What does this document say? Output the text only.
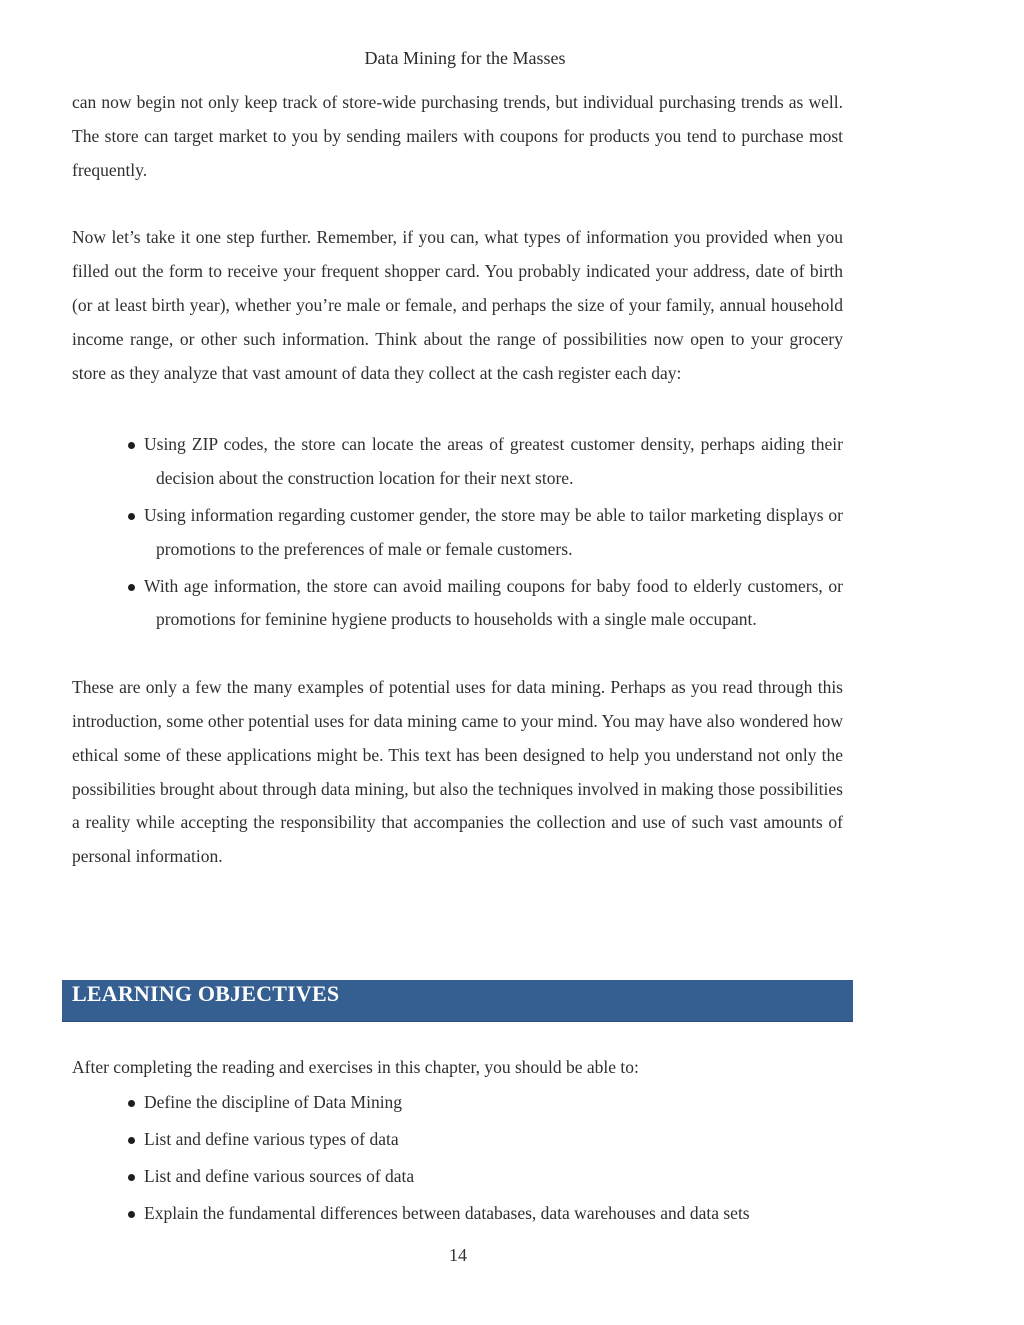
Data Mining for the Masses

can now begin not only keep track of store-wide purchasing trends, but individual purchasing trends as well. The store can target market to you by sending mailers with coupons for products you tend to purchase most frequently.

Now let’s take it one step further. Remember, if you can, what types of information you provided when you filled out the form to receive your frequent shopper card. You probably indicated your address, date of birth (or at least birth year), whether you’re male or female, and perhaps the size of your family, annual household income range, or other such information. Think about the range of possibilities now open to your grocery store as they analyze that vast amount of data they collect at the cash register each day:

Using ZIP codes, the store can locate the areas of greatest customer density, perhaps aiding their decision about the construction location for their next store.
Using information regarding customer gender, the store may be able to tailor marketing displays or promotions to the preferences of male or female customers.
With age information, the store can avoid mailing coupons for baby food to elderly customers, or promotions for feminine hygiene products to households with a single male occupant.

These are only a few the many examples of potential uses for data mining. Perhaps as you read through this introduction, some other potential uses for data mining came to your mind. You may have also wondered how ethical some of these applications might be. This text has been designed to help you understand not only the possibilities brought about through data mining, but also the techniques involved in making those possibilities a reality while accepting the responsibility that accompanies the collection and use of such vast amounts of personal information.

LEARNING OBJECTIVES

After completing the reading and exercises in this chapter, you should be able to:

Define the discipline of Data Mining
List and define various types of data
List and define various sources of data
Explain the fundamental differences between databases, data warehouses and data sets
14
